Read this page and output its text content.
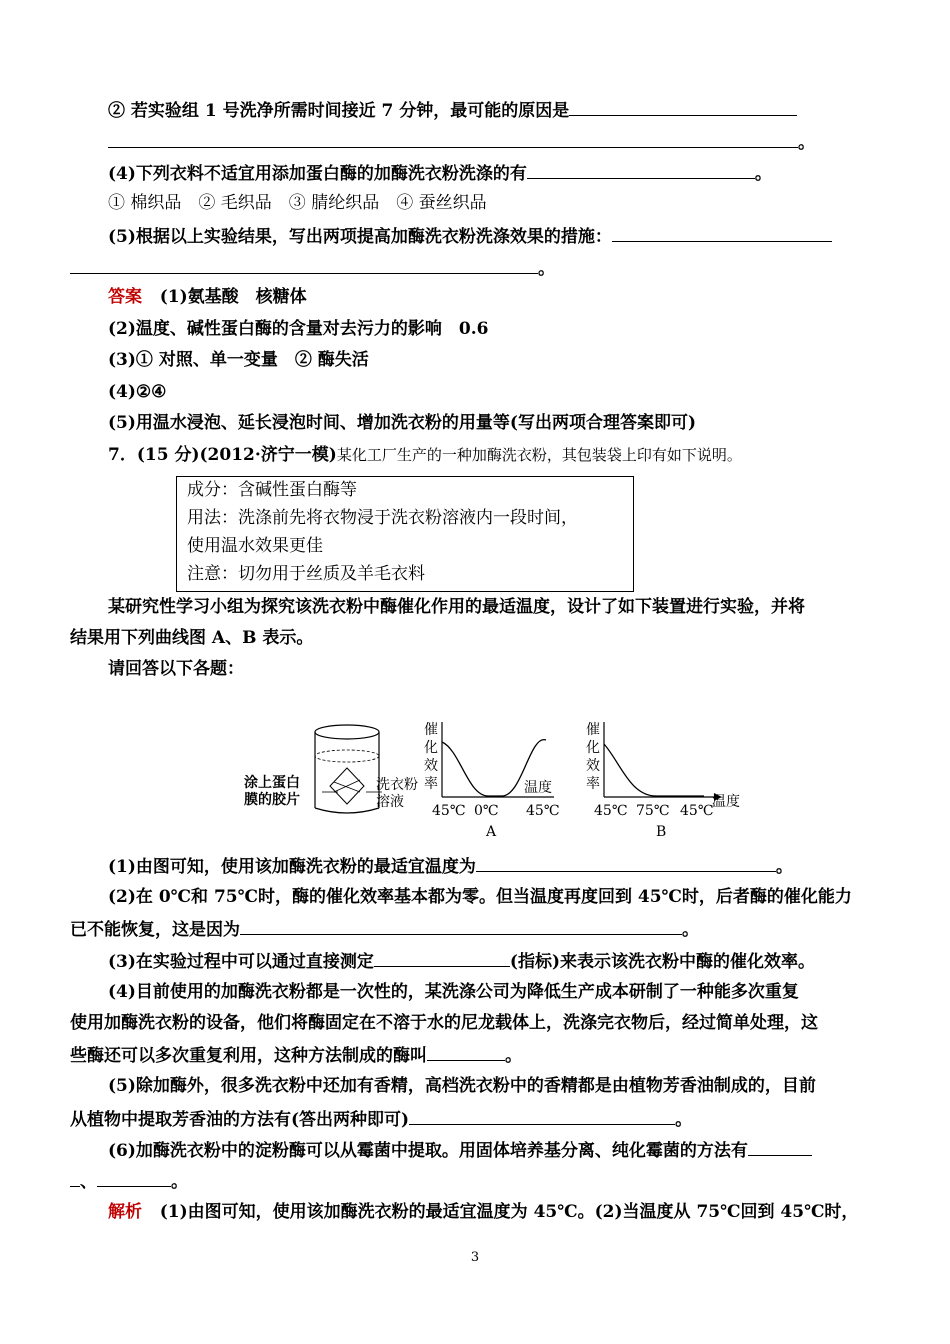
② 若实验组 1 号洗净所需时间接近 7 分钟，最可能的原因是
。
(4)下列衣料不适宜用添加蛋白酶的加酶洗衣粉洗涤的有	。
① 棉织品　② 毛织品　③ 腈纶织品　④ 蚕丝织品
(5)根据以上实验结果，写出两项提高加酶洗衣粉洗涤效果的措施：
。
答案 (1)氨基酸　核糖体
(2)温度、碱性蛋白酶的含量对去污力的影响　0.6
(3)① 对照、单一变量　② 酶失活
(4)②④
(5)用温水浸泡、延长浸泡时间、增加洗衣粉的用量等(写出两项合理答案即可)
7．(15 分)(2012·济宁一模)某化工厂生产的一种加酶洗衣粉，其包装袋上印有如下说明。
成分：含碱性蛋白酶等
用法：洗涤前先将衣物浸于洗衣粉溶液内一段时间，
使用温水效果更佳
注意：切勿用于丝质及羊毛衣料
某研究性学习小组为探究该洗衣粉中酶催化作用的最适温度，设计了如下装置进行实验，并将
结果用下列曲线图 A、B 表示。
请回答以下各题：
涂上蛋白
膜的胶片
洗衣粉
溶液
催
化
效
率	温度
45℃ 0℃ 45℃
A
催
化
效
率
温度
45℃ 75℃ 45℃
B
(1)由图可知，使用该加酶洗衣粉的最适宜温度为	。
(2)在 0℃和 75℃时，酶的催化效率基本都为零。但当温度再度回到 45℃时，后者酶的催化能力
已不能恢复，这是因为	。
(3)在实验过程中可以通过直接测定	(指标)来表示该洗衣粉中酶的催化效率。
(4)目前使用的加酶洗衣粉都是一次性的，某洗涤公司为降低生产成本研制了一种能多次重复
使用加酶洗衣粉的设备，他们将酶固定在不溶于水的尼龙载体上，洗涤完衣物后，经过简单处理，这
些酶还可以多次重复利用，这种方法制成的酶叫	。
(5)除加酶外，很多洗衣粉中还加有香精，高档洗衣粉中的香精都是由植物芳香油制成的，目前
从植物中提取芳香油的方法有(答出两种即可)	。
(6)加酶洗衣粉中的淀粉酶可以从霉菌中提取。用固体培养基分离、纯化霉菌的方法有
、	。
解析 (1)由图可知，使用该加酶洗衣粉的最适宜温度为 45℃。(2)当温度从 75℃回到 45℃时，
3
